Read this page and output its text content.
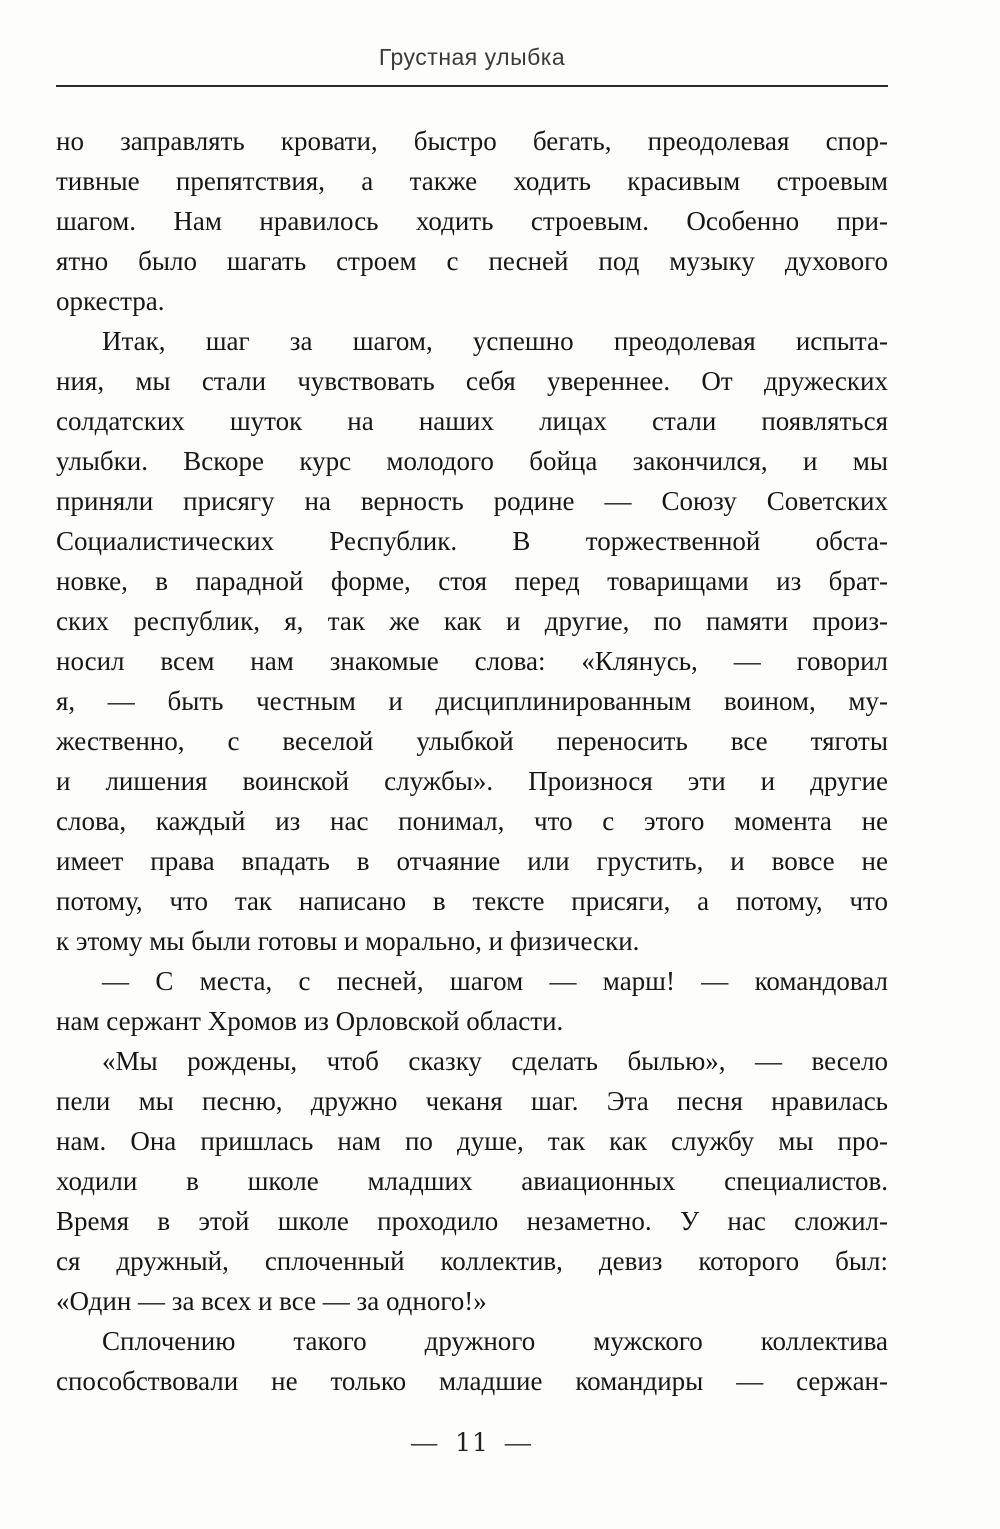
Грустная улыбка
но заправлять кровати, быстро бегать, преодолевая спор-
тивные препятствия, а также ходить красивым строевым
шагом. Нам нравилось ходить строевым. Особенно при-
ятно было шагать строем с песней под музыку духового
оркестра.
Итак, шаг за шагом, успешно преодолевая испыта-
ния, мы стали чувствовать себя увереннее. От дружеских
солдатских шуток на наших лицах стали появляться
улыбки. Вскоре курс молодого бойца закончился, и мы
приняли присягу на верность родине — Союзу Советских
Социалистических Республик. В торжественной обста-
новке, в парадной форме, стоя перед товарищами из брат-
ских республик, я, так же как и другие, по памяти произ-
носил всем нам знакомые слова: «Клянусь, — говорил
я, — быть честным и дисциплинированным воином, му-
жественно, с веселой улыбкой переносить все тяготы
и лишения воинской службы». Произнося эти и другие
слова, каждый из нас понимал, что с этого момента не
имеет права впадать в отчаяние или грустить, и вовсе не
потому, что так написано в тексте присяги, а потому, что
к этому мы были готовы и морально, и физически.
— С места, с песней, шагом — марш! — командовал
нам сержант Хромов из Орловской области.
«Мы рождены, чтоб сказку сделать былью», — весело
пели мы песню, дружно чеканя шаг. Эта песня нравилась
нам. Она пришлась нам по душе, так как службу мы про-
ходили в школе младших авиационных специалистов.
Время в этой школе проходило незаметно. У нас сложил-
ся дружный, сплоченный коллектив, девиз которого был:
«Один — за всех и все — за одного!»
Сплочению такого дружного мужского коллектива
способствовали не только младшие командиры — сержан-
— 11 —
